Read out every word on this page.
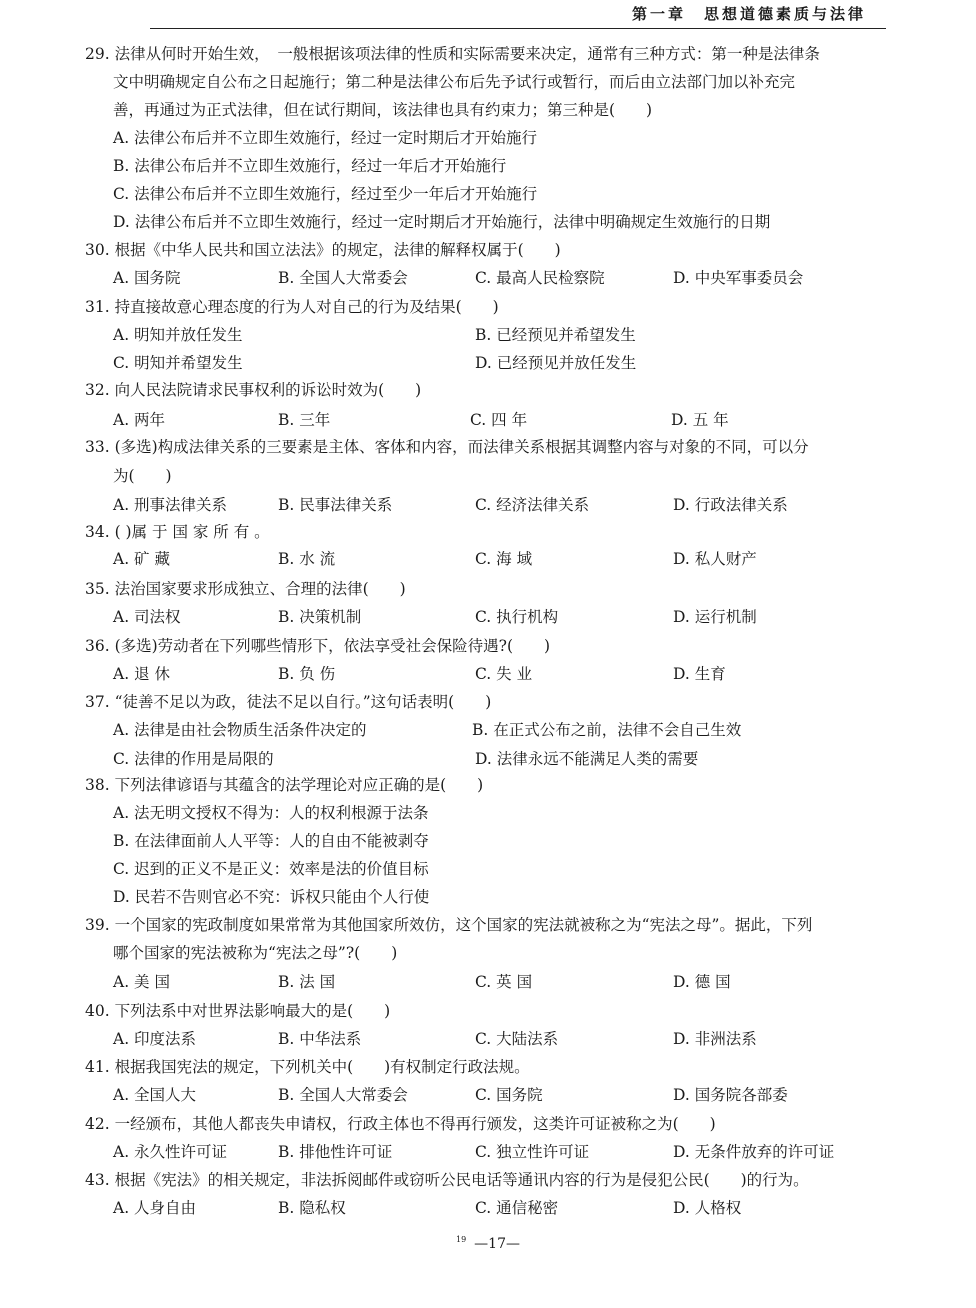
第一章　思想道德素质与法律
29. 法律从何时开始生效，　一般根据该项法律的性质和实际需要来决定，通常有三种方式：第一种是法律条
文中明确规定自公布之日起施行；第二种是法律公布后先予试行或暂行，而后由立法部门加以补充完
善，再通过为正式法律，但在试行期间，该法律也具有约束力；第三种是(　　)
A. 法律公布后并不立即生效施行，经过一定时期后才开始施行
B. 法律公布后并不立即生效施行，经过一年后才开始施行
C. 法律公布后并不立即生效施行，经过至少一年后才开始施行
D. 法律公布后并不立即生效施行，经过一定时期后才开始施行，法律中明确规定生效施行的日期
30. 根据《中华人民共和国立法法》的规定，法律的解释权属于(　　)
A. 国务院	B. 全国人大常委会	C. 最高人民检察院	D. 中央军事委员会
31. 持直接故意心理态度的行为人对自己的行为及结果(　　)
A. 明知并放任发生	B. 已经预见并希望发生
C. 明知并希望发生	D. 已经预见并放任发生
32. 向人民法院请求民事权利的诉讼时效为(　　)
A. 两年	B. 三年	C. 四 年	D. 五 年
33. (多选)构成法律关系的三要素是主体、客体和内容，而法律关系根据其调整内容与对象的不同，可以分
为(　　)
A. 刑事法律关系	B. 民事法律关系	C. 经济法律关系	D. 行政法律关系
34. ( )属 于 国 家 所 有 。
A. 矿 藏	B. 水 流	C. 海 域	D. 私人财产
35. 法治国家要求形成独立、合理的法律(　　)
A. 司法权	B. 决策机制	C. 执行机构	D. 运行机制
36. (多选)劳动者在下列哪些情形下，依法享受社会保险待遇?(　　)
A. 退 休	B. 负 伤	C. 失 业	D. 生育
37. “徒善不足以为政，徒法不足以自行。”这句话表明(　　)
A. 法律是由社会物质生活条件决定的	B. 在正式公布之前，法律不会自己生效
C. 法律的作用是局限的	D. 法律永远不能满足人类的需要
38. 下列法律谚语与其蕴含的法学理论对应正确的是(　　)
A. 法无明文授权不得为：人的权利根源于法条
B. 在法律面前人人平等：人的自由不能被剥夺
C. 迟到的正义不是正义：效率是法的价值目标
D. 民若不告则官必不究：诉权只能由个人行使
39. 一个国家的宪政制度如果常常为其他国家所效仿，这个国家的宪法就被称之为“宪法之母”。据此，下列
哪个国家的宪法被称为“宪法之母”?(　　)
A. 美 国	B. 法 国	C. 英 国	D. 德 国
40. 下列法系中对世界法影响最大的是(　　)
A. 印度法系	B. 中华法系	C. 大陆法系	D. 非洲法系
41. 根据我国宪法的规定，下列机关中(　　)有权制定行政法规。
A. 全国人大	B. 全国人大常委会	C. 国务院	D. 国务院各部委
42. 一经颁布，其他人都丧失申请权，行政主体也不得再行颁发，这类许可证被称之为(　　)
A. 永久性许可证	B. 排他性许可证	C. 独立性许可证	D. 无条件放弃的许可证
43. 根据《宪法》的相关规定，非法拆阅邮件或窃听公民电话等通讯内容的行为是侵犯公民(　　)的行为。
A. 人身自由	B. 隐私权	C. 通信秘密	D. 人格权
$^{19}$ —17—
